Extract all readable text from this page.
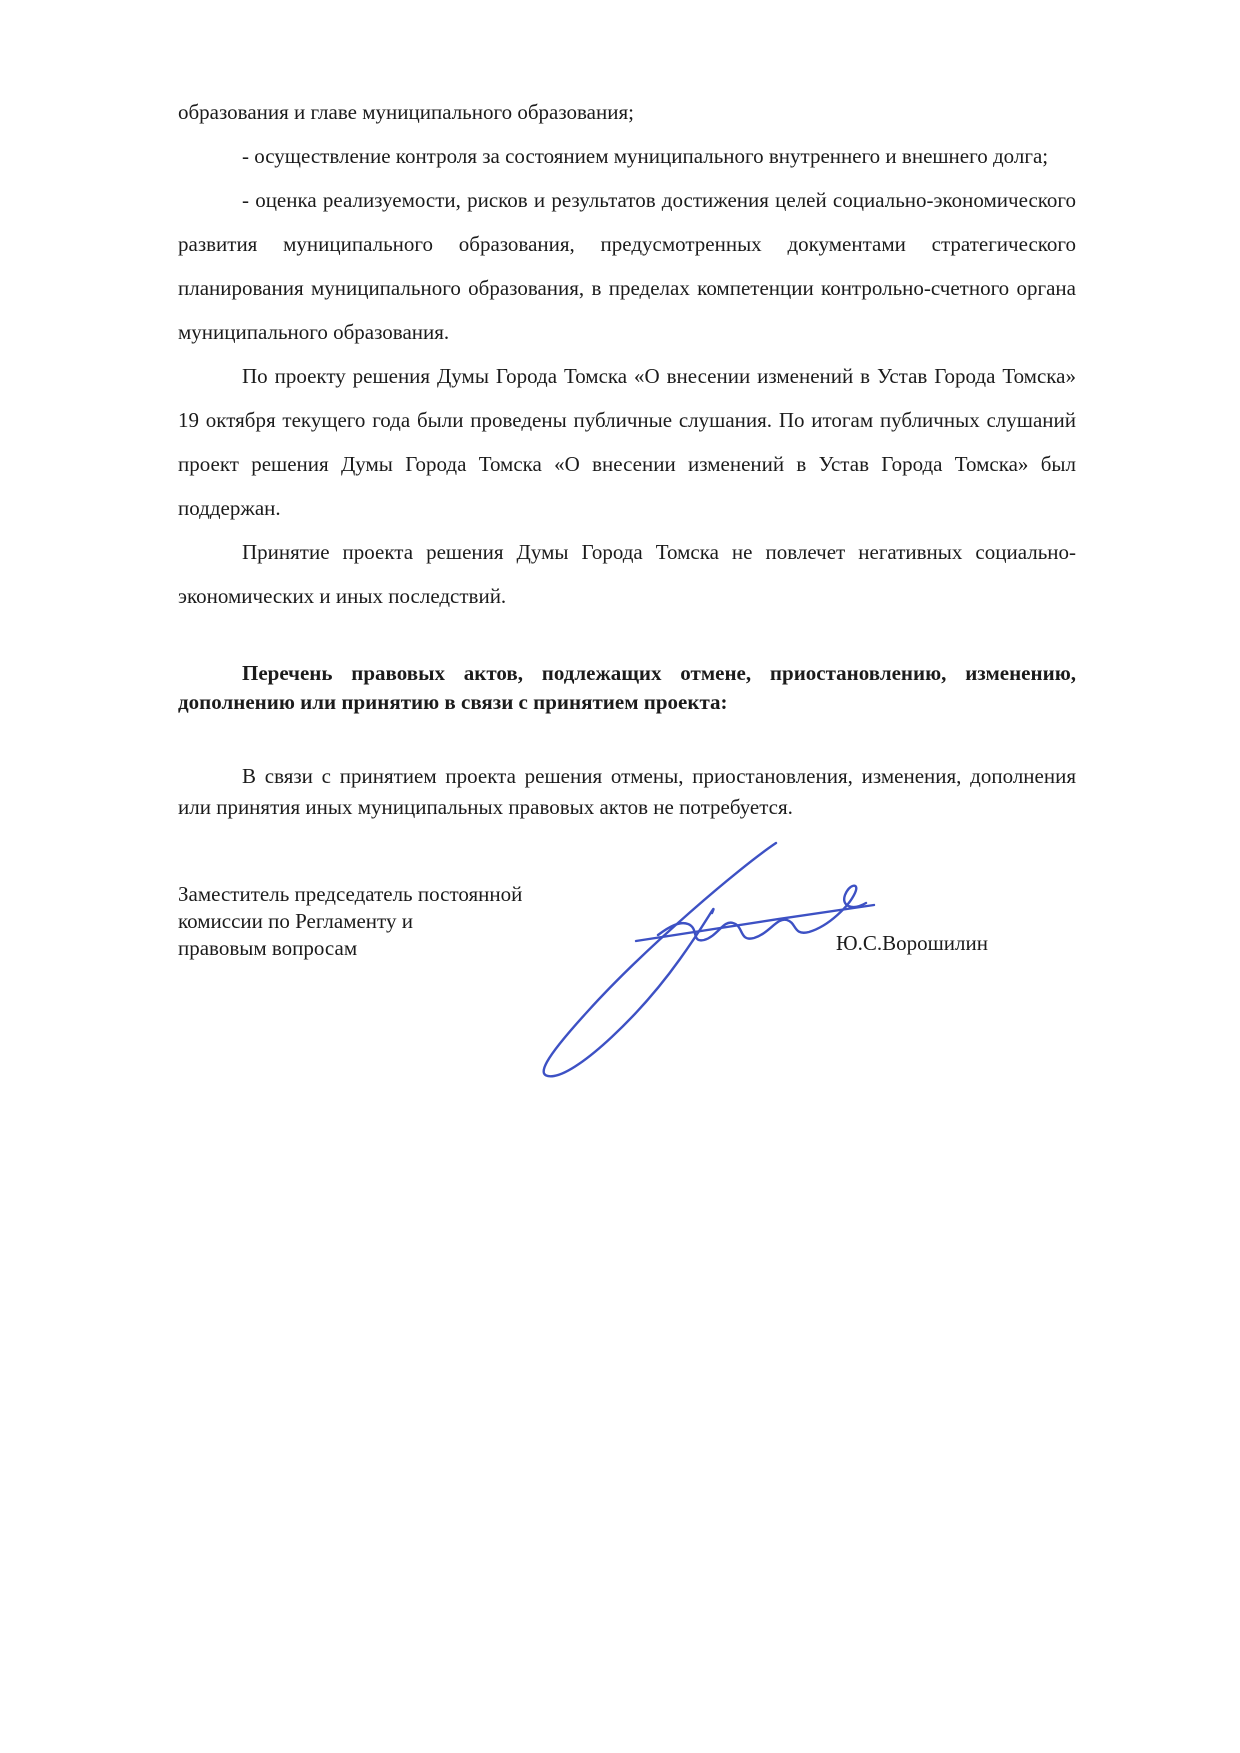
образования и главе муниципального образования;

- осуществление контроля за состоянием муниципального внутреннего и внешнего долга;

- оценка реализуемости, рисков и результатов достижения целей социально-экономического развития муниципального образования, предусмотренных документами стратегического планирования муниципального образования, в пределах компетенции контрольно-счетного органа муниципального образования.

По проекту решения Думы Города Томска «О внесении изменений в Устав Города Томска» 19 октября текущего года были проведены публичные слушания. По итогам публичных слушаний проект решения Думы Города Томска «О внесении изменений в Устав Города Томска» был поддержан.

Принятие проекта решения Думы Города Томска не повлечет негативных социально-экономических и иных последствий.

Перечень правовых актов, подлежащих отмене, приостановлению, изменению, дополнению или принятию в связи с принятием проекта:

В связи с принятием проекта решения отмены, приостановления, изменения, дополнения или принятия иных муниципальных правовых актов не потребуется.

Заместитель председатель постоянной
комиссии по Регламенту и
правовым вопросам	Ю.С.Ворошилин
